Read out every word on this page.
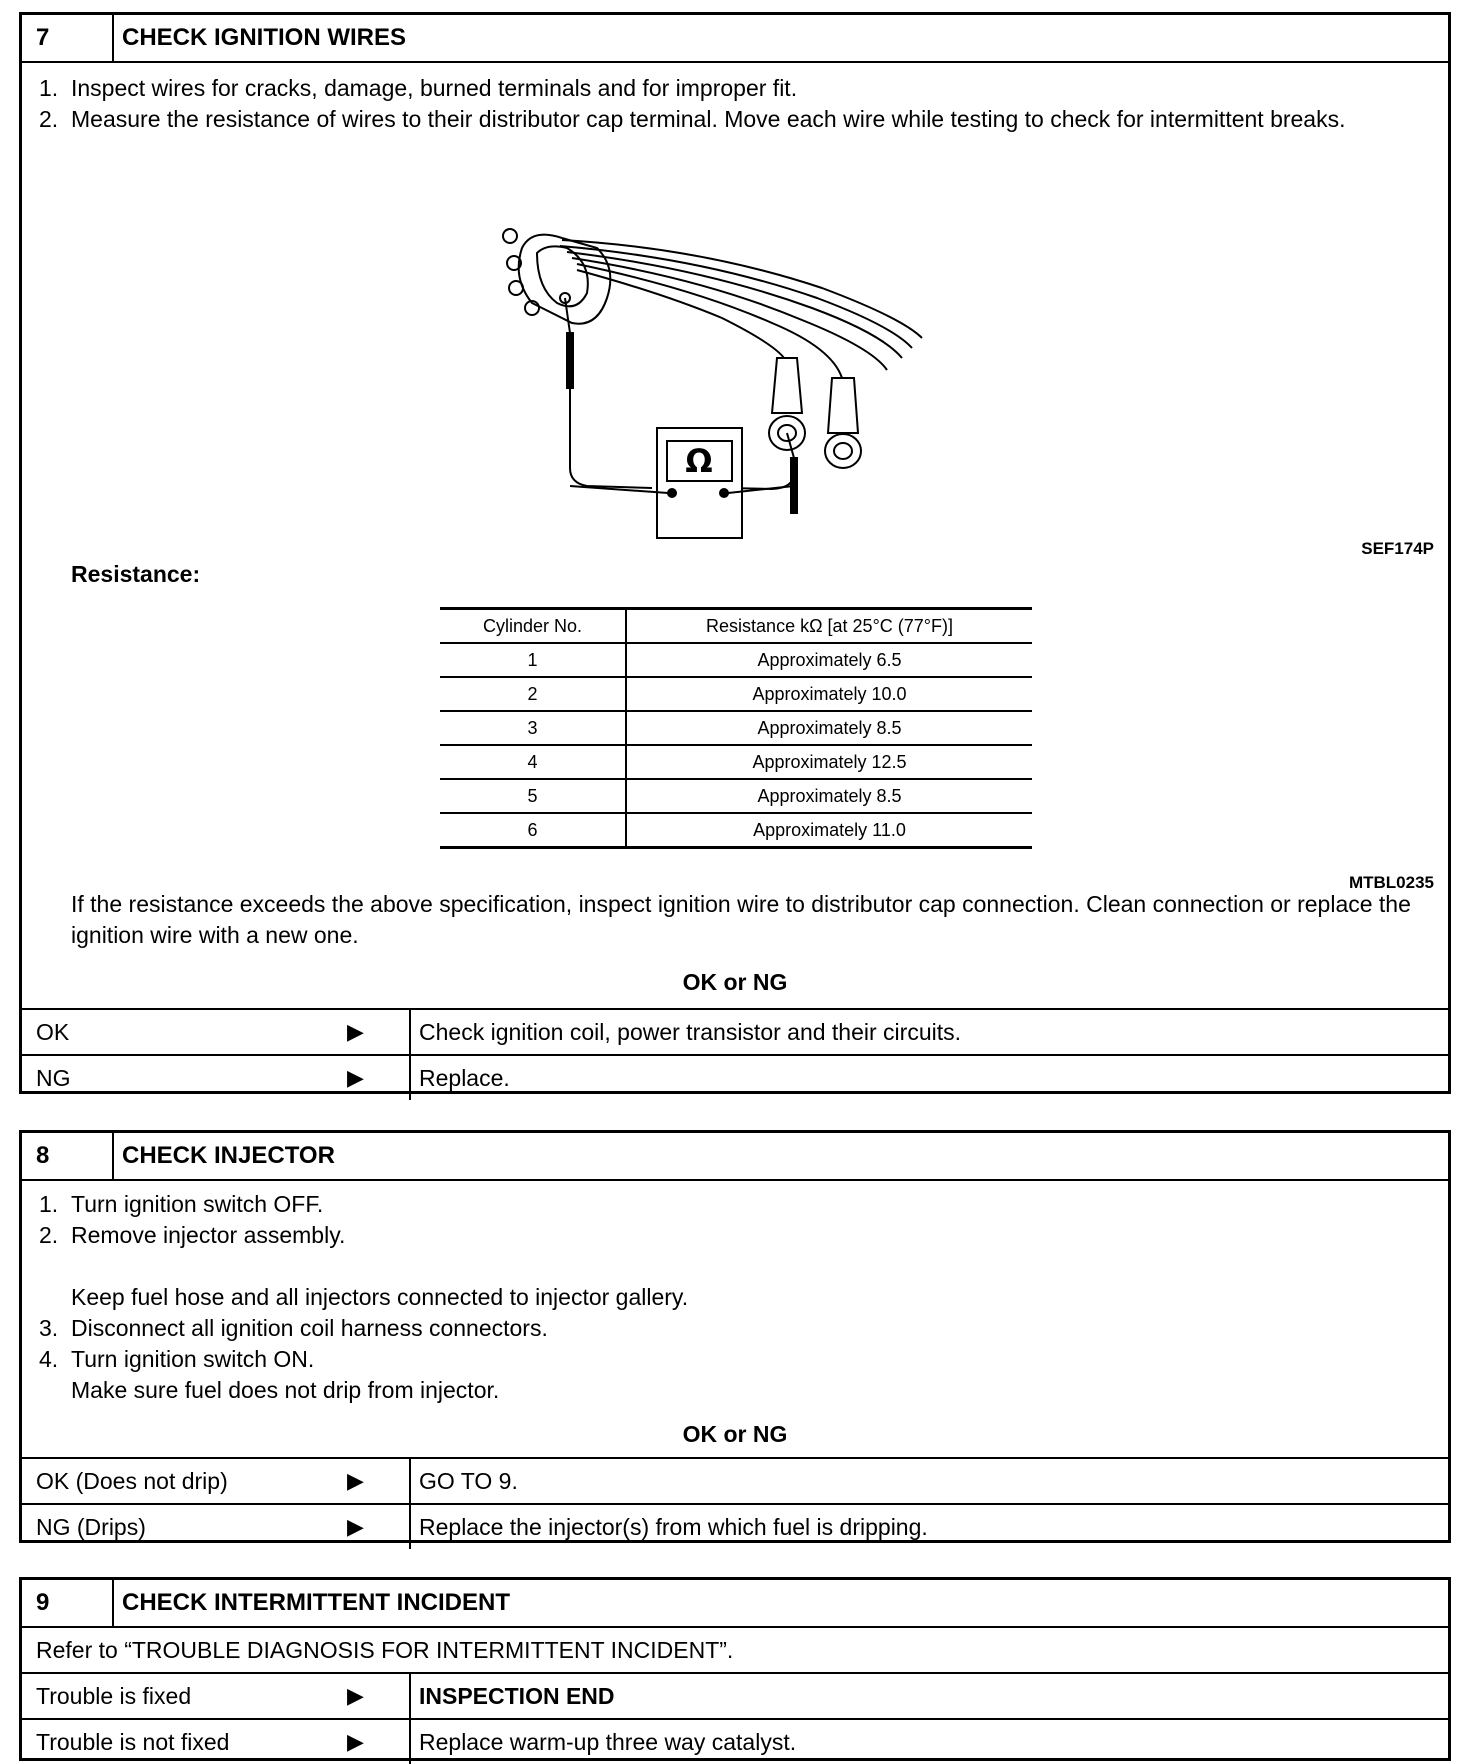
7	CHECK IGNITION WIRES
1. Inspect wires for cracks, damage, burned terminals and for improper fit.
2. Measure the resistance of wires to their distributor cap terminal. Move each wire while testing to check for intermittent breaks.
Ω
SEF174P
Resistance:
Cylinder No.	Resistance kΩ [at 25°C (77°F)]
1	Approximately 6.5
2	Approximately 10.0
3	Approximately 8.5
4	Approximately 12.5
5	Approximately 8.5
6	Approximately 11.0
MTBL0235
If the resistance exceeds the above specification, inspect ignition wire to distributor cap connection. Clean connection or replace the ignition wire with a new one.
OK or NG
OK	▶ Check ignition coil, power transistor and their circuits.
NG	▶ Replace.
8	CHECK INJECTOR
1. Turn ignition switch OFF.
2. Remove injector assembly.
Keep fuel hose and all injectors connected to injector gallery.
3. Disconnect all ignition coil harness connectors.
4. Turn ignition switch ON.
Make sure fuel does not drip from injector.
OK or NG
OK (Does not drip)	▶ GO TO 9.
NG (Drips)	▶ Replace the injector(s) from which fuel is dripping.
9	CHECK INTERMITTENT INCIDENT
Refer to “TROUBLE DIAGNOSIS FOR INTERMITTENT INCIDENT”.
Trouble is fixed	▶ INSPECTION END
Trouble is not fixed	▶ Replace warm-up three way catalyst.
